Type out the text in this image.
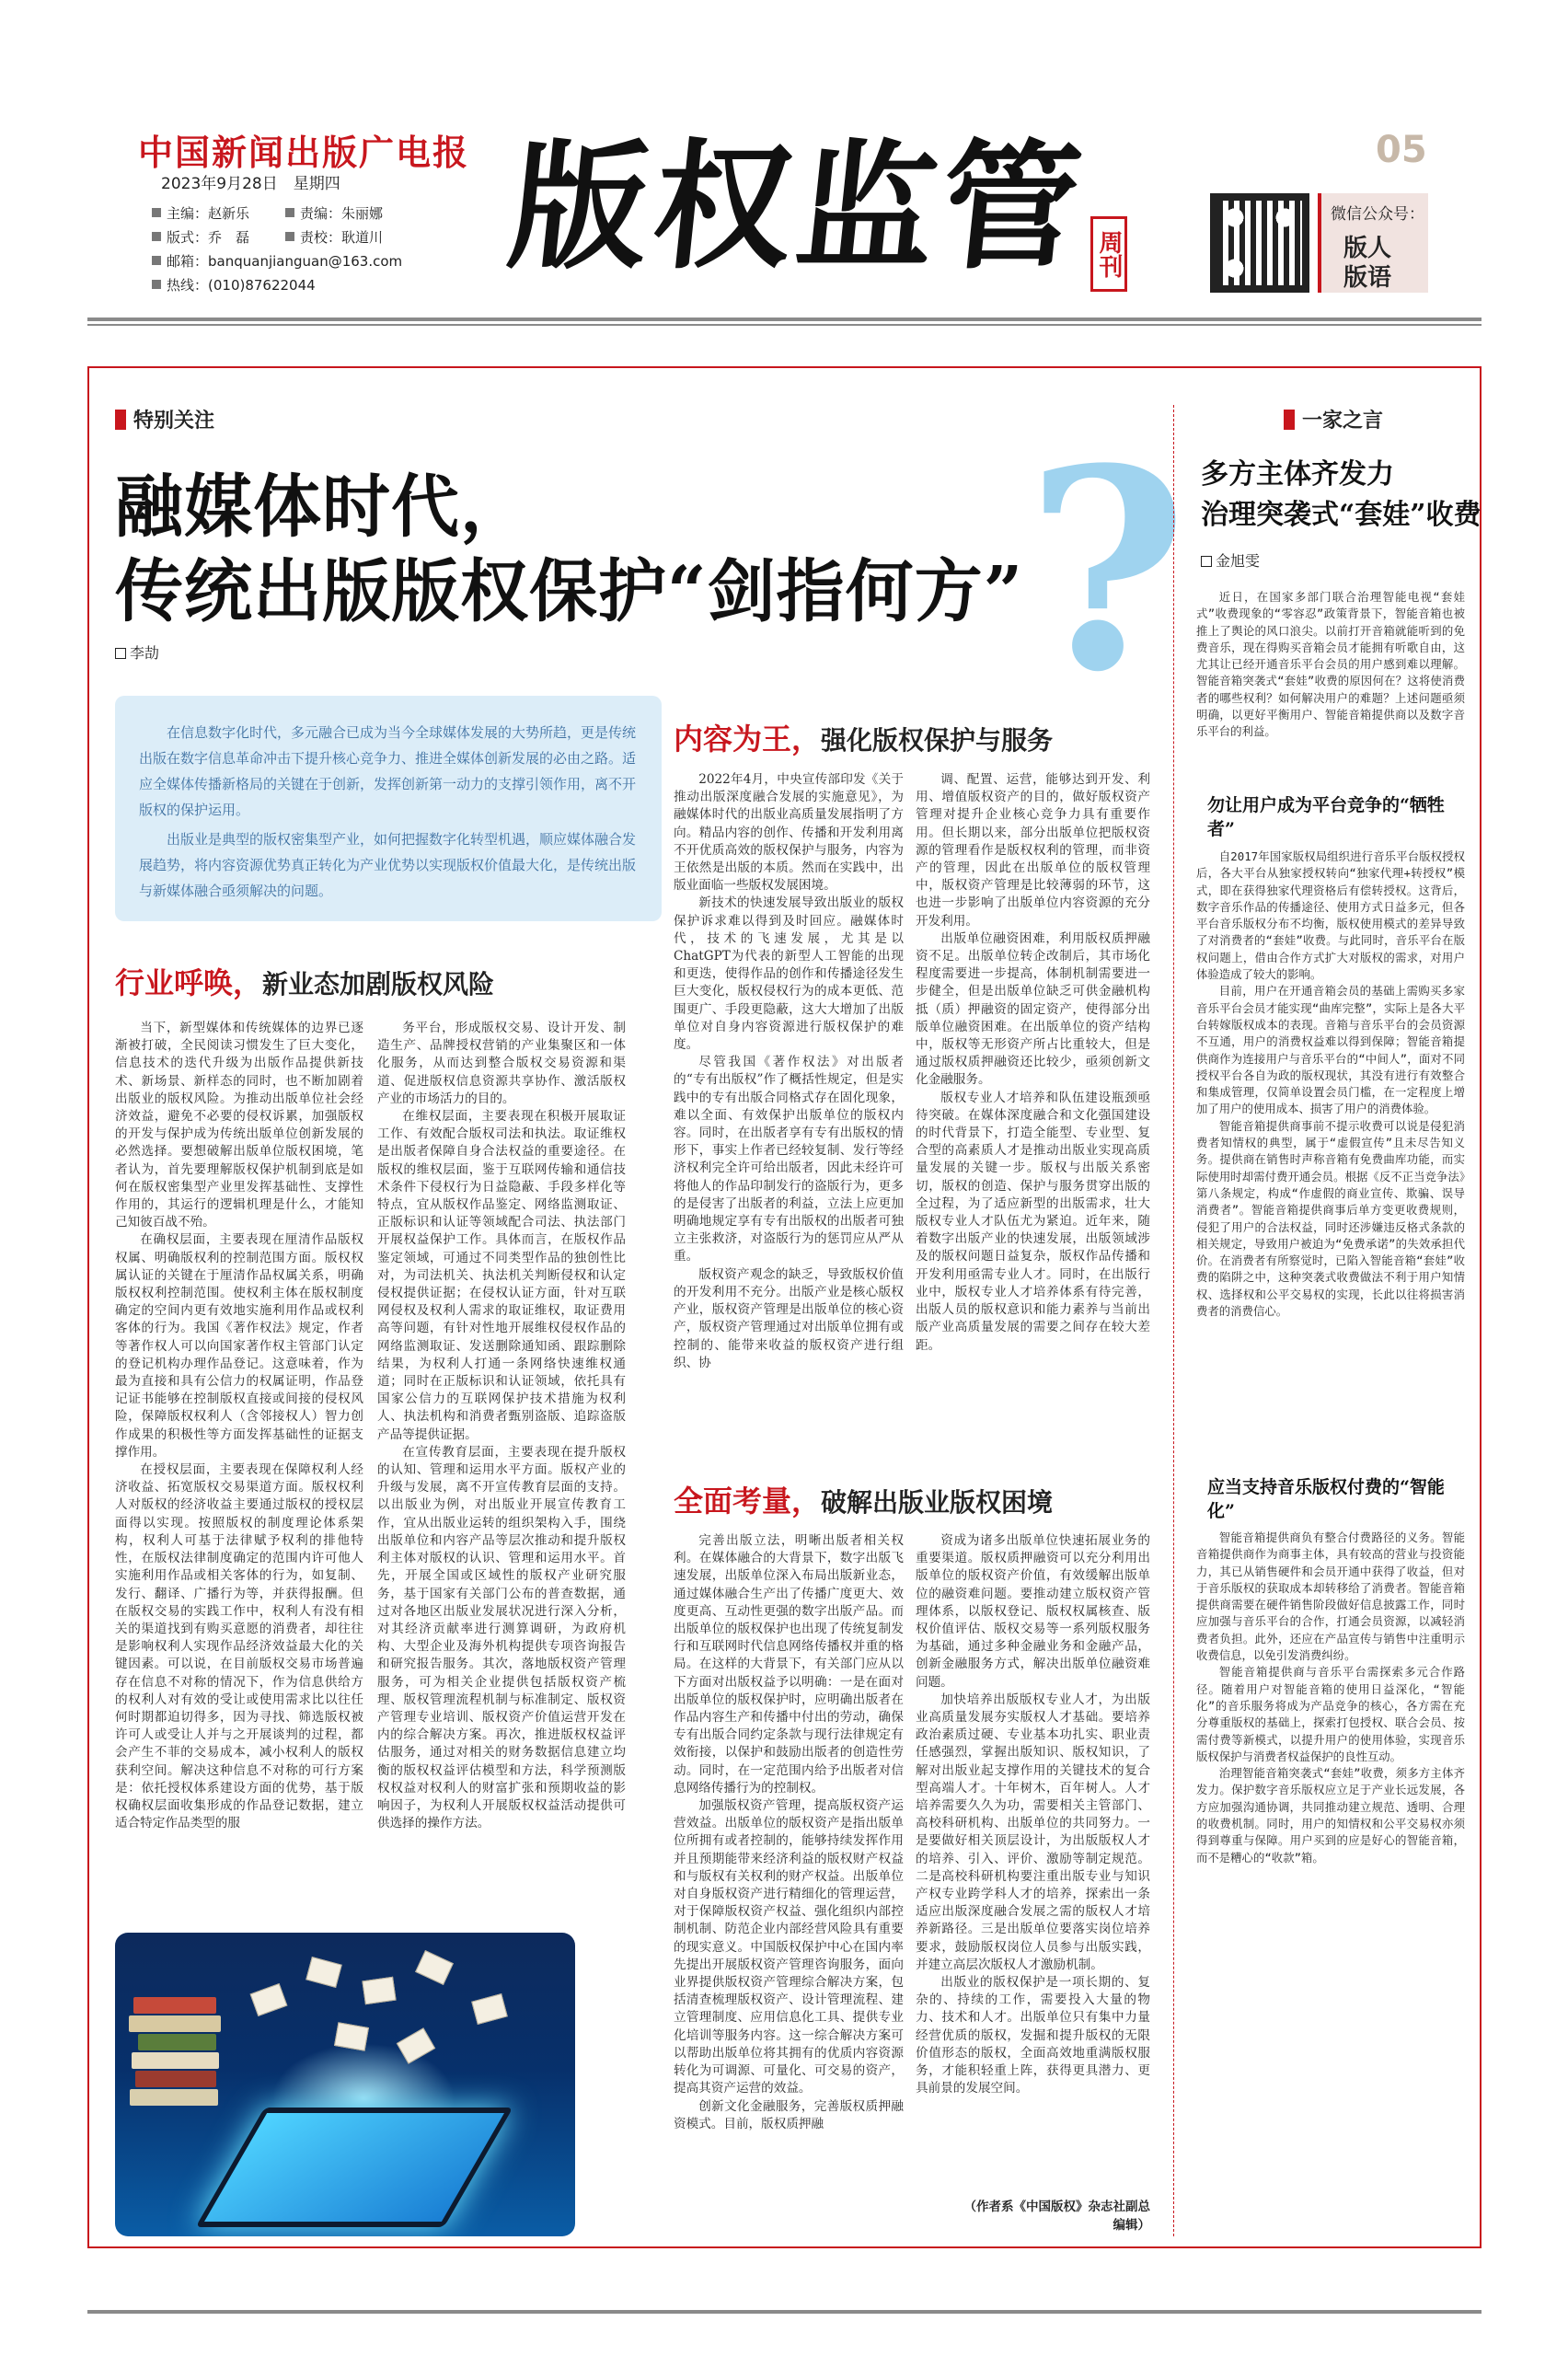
中国新闻出版广电报
2023年9月28日　星期四
主编：赵新乐	责编：朱丽娜
版式：乔　磊	责校：耿道川
邮箱：banquanjianguan@163.com
热线：(010)87622044 版权监管 周刊
05
微信公众号：
版人版语
特别关注	?
融媒体时代，
传统出版版权保护“剑指何方”
李劼

在信息数字化时代，多元融合已成为当今全球媒体发展的大势所趋，更是传统出版在数字信息革命冲击下提升核心竞争力、推进全媒体创新发展的必由之路。适应全媒体传播新格局的关键在于创新，发挥创新第一动力的支撑引领作用，离不开版权的保护运用。

出版业是典型的版权密集型产业，如何把握数字化转型机遇，顺应媒体融合发展趋势，将内容资源优势真正转化为产业优势以实现版权价值最大化，是传统出版与新媒体融合亟须解决的问题。

行业呼唤，新业态加剧版权风险
内容为王，强化版权保护与服务
全面考量，破解出版业版权困境

当下，新型媒体和传统媒体的边界已逐渐被打破，全民阅读习惯发生了巨大变化，信息技术的迭代升级为出版作品提供新技术、新场景、新样态的同时，也不断加剧着出版业的版权风险。为推动出版单位社会经济效益，避免不必要的侵权诉累，加强版权的开发与保护成为传统出版单位创新发展的必然选择。要想破解出版单位版权困境，笔者认为，首先要理解版权保护机制到底是如何在版权密集型产业里发挥基础性、支撑性作用的，其运行的逻辑机理是什么，才能知己知彼百战不殆。

在确权层面，主要表现在厘清作品版权权属、明确版权利的控制范围方面。版权权属认证的关键在于厘清作品权属关系，明确版权权利控制范围。使权利主体在版权制度确定的空间内更有效地实施利用作品或权利客体的行为。我国《著作权法》规定，作者等著作权人可以向国家著作权主管部门认定的登记机构办理作品登记。这意味着，作为最为直接和具有公信力的权属证明，作品登记证书能够在控制版权直接或间接的侵权风险，保障版权权利人（含邻接权人）智力创作成果的积极性等方面发挥基础性的证据支撑作用。

在授权层面，主要表现在保障权利人经济收益、拓宽版权交易渠道方面。版权权利人对版权的经济收益主要通过版权的授权层面得以实现。按照版权的制度理论体系架构，权利人可基于法律赋予权利的排他特性，在版权法律制度确定的范围内许可他人实施利用作品或相关客体的行为，如复制、发行、翻译、广播行为等，并获得报酬。但在版权交易的实践工作中，权利人有没有相关的渠道找到有购买意愿的消费者，却往往是影响权利人实现作品经济效益最大化的关键因素。可以说，在目前版权交易市场普遍存在信息不对称的情况下，作为信息供给方的权利人对有效的受让或使用需求比以往任何时期都迫切得多，因为寻找、筛选版权被许可人或受让人并与之开展谈判的过程，都会产生不菲的交易成本，减小权利人的版权获利空间。解决这种信息不对称的可行方案是：依托授权体系建设方面的优势，基于版权确权层面收集形成的作品登记数据，建立适合特定作品类型的服

务平台，形成版权交易、设计开发、制造生产、品牌授权营销的产业集聚区和一体化服务，从而达到整合版权交易资源和渠道、促进版权信息资源共享协作、激活版权产业的市场活力的目的。

在维权层面，主要表现在积极开展取证工作、有效配合版权司法和执法。取证维权是出版者保障自身合法权益的重要途径。在版权的维权层面，鉴于互联网传输和通信技术条件下侵权行为日益隐蔽、手段多样化等特点，宜从版权作品鉴定、网络监测取证、正版标识和认证等领域配合司法、执法部门开展权益保护工作。具体而言，在版权作品鉴定领域，可通过不同类型作品的独创性比对，为司法机关、执法机关判断侵权和认定侵权提供证据；在侵权认证方面，针对互联网侵权及权利人需求的取证维权，取证费用高等问题，有针对性地开展维权侵权作品的网络监测取证、发送删除通知函、跟踪删除结果，为权利人打通一条网络快速维权通道；同时在正版标识和认证领域，依托具有国家公信力的互联网保护技术措施为权利人、执法机构和消费者甄别盗版、追踪盗版产品等提供证据。

在宣传教育层面，主要表现在提升版权的认知、管理和运用水平方面。版权产业的升级与发展，离不开宣传教育层面的支持。以出版业为例，对出版业开展宣传教育工作，宜从出版业运转的组织架构入手，围绕出版单位和内容产品等层次推动和提升版权利主体对版权的认识、管理和运用水平。首先，开展全国或区域性的版权产业研究服务，基于国家有关部门公布的普查数据，通过对各地区出版业发展状况进行深入分析，对其经济贡献率进行测算调研，为政府机构、大型企业及海外机构提供专项咨询报告和研究报告服务。其次，落地版权资产管理服务，可为相关企业提供包括版权资产梳理、版权管理流程机制与标准制定、版权资产管理专业培训、版权资产价值运营开发在内的综合解决方案。再次，推进版权权益评估服务，通过对相关的财务数据信息建立均衡的版权权益评估模型和方法，科学预测版权权益对权利人的财富扩张和预期收益的影响因子，为权利人开展版权权益活动提供可供选择的操作方法。

2022年4月，中央宣传部印发《关于推动出版深度融合发展的实施意见》，为融媒体时代的出版业高质量发展指明了方向。精品内容的创作、传播和开发利用离不开优质高效的版权保护与服务，内容为王依然是出版的本质。然而在实践中，出版业面临一些版权发展困境。

新技术的快速发展导致出版业的版权保护诉求难以得到及时回应。融媒体时代，技术的飞速发展，尤其是以ChatGPT为代表的新型人工智能的出现和更迭，使得作品的创作和传播途径发生巨大变化，版权侵权行为的成本更低、范围更广、手段更隐蔽，这大大增加了出版单位对自身内容资源进行版权保护的难度。

尽管我国《著作权法》对出版者的“专有出版权”作了概括性规定，但是实践中的专有出版合同格式存在固化现象，难以全面、有效保护出版单位的版权内容。同时，在出版者享有专有出版权的情形下，事实上作者已经较复制、发行等经济权利完全许可给出版者，因此未经许可将他人的作品印制发行的盗版行为，更多的是侵害了出版者的利益，立法上应更加明确地规定享有专有出版权的出版者可独立主张救济，对盗版行为的惩罚应从严从重。

版权资产观念的缺乏，导致版权价值的开发利用不充分。出版产业是核心版权产业，版权资产管理是出版单位的核心资产，版权资产管理通过对出版单位拥有或控制的、能带来收益的版权资产进行组织、协

调、配置、运营，能够达到开发、利用、增值版权资产的目的，做好版权资产管理对提升企业核心竞争力具有重要作用。但长期以来，部分出版单位把版权资源的管理看作是版权权利的管理，而非资产的管理，因此在出版单位的版权管理中，版权资产管理是比较薄弱的环节，这也进一步影响了出版单位内容资源的充分开发利用。

出版单位融资困难，利用版权质押融资不足。出版单位转企改制后，其市场化程度需要进一步提高，体制机制需要进一步健全，但是出版单位缺乏可供金融机构抵（质）押融资的固定资产，使得部分出版单位融资困难。在出版单位的资产结构中，版权等无形资产所占比重较大，但是通过版权质押融资还比较少，亟须创新文化金融服务。

版权专业人才培养和队伍建设瓶颈亟待突破。在媒体深度融合和文化强国建设的时代背景下，打造全能型、专业型、复合型的高素质人才是推动出版业实现高质量发展的关键一步。版权与出版关系密切，版权的创造、保护与服务贯穿出版的全过程，为了适应新型的出版需求，壮大版权专业人才队伍尤为紧迫。近年来，随着数字出版产业的快速发展，出版领域涉及的版权问题日益复杂，版权作品传播和开发利用亟需专业人才。同时，在出版行业中，版权专业人才培养体系有待完善，出版人员的版权意识和能力素养与当前出版产业高质量发展的需要之间存在较大差距。

完善出版立法，明晰出版者相关权利。在媒体融合的大背景下，数字出版飞速发展，出版单位深入布局出版新业态，通过媒体融合生产出了传播广度更大、效度更高、互动性更强的数字出版产品。而出版单位的版权保护也出现了传统复制发行和互联网时代信息网络传播权并重的格局。在这样的大背景下，有关部门应从以下方面对出版权益予以明确：一是在面对出版单位的版权保护时，应明确出版者在作品内容生产和传播中付出的劳动，确保专有出版合同约定条款与现行法律规定有效衔接，以保护和鼓励出版者的创造性劳动。同时，在一定范围内给予出版者对信息网络传播行为的控制权。

加强版权资产管理，提高版权资产运营效益。出版单位的版权资产是指出版单位所拥有或者控制的，能够持续发挥作用并且预期能带来经济利益的版权财产权益和与版权有关权利的财产权益。出版单位对自身版权资产进行精细化的管理运营，对于保障版权资产权益、强化组织内部控制机制、防范企业内部经营风险具有重要的现实意义。中国版权保护中心在国内率先提出开展版权资产管理咨询服务，面向业界提供版权资产管理综合解决方案，包括清查梳理版权资产、设计管理流程、建立管理制度、应用信息化工具、提供专业化培训等服务内容。这一综合解决方案可以帮助出版单位将其拥有的优质内容资源转化为可调源、可量化、可交易的资产，提高其资产运营的效益。

创新文化金融服务，完善版权质押融资模式。目前，版权质押融

资成为诸多出版单位快速拓展业务的重要渠道。版权质押融资可以充分利用出版单位的版权资产价值，有效缓解出版单位的融资难问题。要推动建立版权资产管理体系，以版权登记、版权权属核查、版权价值评估、版权交易等一系列版权服务为基础，通过多种金融业务和金融产品，创新金融服务方式，解决出版单位融资难问题。

加快培养出版版权专业人才，为出版业高质量发展夯实版权人才基础。要培养政治素质过硬、专业基本功扎实、职业责任感强烈，掌握出版知识、版权知识，了解对出版业起支撑作用的关键技术的复合型高端人才。十年树木，百年树人。人才培养需要久久为功，需要相关主管部门、高校科研机构、出版单位的共同努力。一是要做好相关顶层设计，为出版版权人才的培养、引入、评价、激励等制定规范。二是高校科研机构要注重出版专业与知识产权专业跨学科人才的培养，探索出一条适应出版深度融合发展之需的版权人才培养新路径。三是出版单位要落实岗位培养要求，鼓励版权岗位人员参与出版实践，并建立高层次版权人才激励机制。

出版业的版权保护是一项长期的、复杂的、持续的工作，需要投入大量的物力、技术和人才。出版单位只有集中力量经营优质的版权，发掘和提升版权的无限价值形态的版权，全面高效地重满版权服务，才能积轻重上阵，获得更具潜力、更具前景的发展空间。

（作者系《中国版权》杂志社副总编辑）
一家之言
多方主体齐发力
治理突袭式“套娃”收费
金旭雯

近日，在国家多部门联合治理智能电视“套娃式”收费现象的“零容忍”政策背景下，智能音箱也被推上了舆论的风口浪尖。以前打开音箱就能听到的免费音乐，现在得购买音箱会员才能拥有听歌自由，这尤其让已经开通音乐平台会员的用户感到难以理解。智能音箱突袭式“套娃”收费的原因何在？这将使消费者的哪些权利？如何解决用户的难题？上述问题亟须明确，以更好平衡用户、智能音箱提供商以及数字音乐平台的利益。

勿让用户成为平台竞争的“牺牲者”

自2017年国家版权局组织进行音乐平台版权授权后，各大平台从独家授权转向“独家代理+转授权”模式，即在获得独家代理资格后有偿转授权。这背后，数字音乐作品的传播途径、使用方式日益多元，但各平台音乐版权分布不均衡，版权使用模式的差异导致了对消费者的“套娃”收费。与此同时，音乐平台在版权问题上，借由合作方式扩大对版权的需求，对用户体验造成了较大的影响。

目前，用户在开通音箱会员的基础上需购买多家音乐平台会员才能实现“曲库完整”，实际上是各大平台转嫁版权成本的表现。音箱与音乐平台的会员资源不互通，用户的消费权益难以得到保障；智能音箱提供商作为连接用户与音乐平台的“中间人”，面对不同授权平台各自为政的版权现状，其没有进行有效整合和集成管理，仅简单设置会员门槛，在一定程度上增加了用户的使用成本、损害了用户的消费体验。

智能音箱提供商事前不提示收费可以说是侵犯消费者知情权的典型，属于“虚假宣传”且未尽告知义务。提供商在销售时声称音箱有免费曲库功能，而实际使用时却需付费开通会员。根据《反不正当竞争法》第八条规定，构成“作虚假的商业宣传、欺骗、误导消费者”。智能音箱提供商事后单方变更收费规则，侵犯了用户的合法权益，同时还涉嫌违反格式条款的相关规定，导致用户被迫为“免费承诺”的失效承担代价。在消费者有所察觉时，已陷入智能音箱“套娃”收费的陷阱之中，这种突袭式收费做法不利于用户知情权、选择权和公平交易权的实现，长此以往将损害消费者的消费信心。

应当支持音乐版权付费的“智能化”

智能音箱提供商负有整合付费路径的义务。智能音箱提供商作为商事主体，具有较高的营业与投资能力，其已从销售硬件和会员开通中获得了收益，但对于音乐版权的获取成本却转移给了消费者。智能音箱提供商需要在硬件销售阶段做好信息披露工作，同时应加强与音乐平台的合作，打通会员资源，以减轻消费者负担。此外，还应在产品宣传与销售中注重明示收费信息，以免引发消费纠纷。

智能音箱提供商与音乐平台需探索多元合作路径。随着用户对智能音箱的使用日益深化，“智能化”的音乐服务将成为产品竞争的核心，各方需在充分尊重版权的基础上，探索打包授权、联合会员、按需付费等新模式，以提升用户的使用体验，实现音乐版权保护与消费者权益保护的良性互动。

治理智能音箱突袭式“套娃”收费，须多方主体齐发力。保护数字音乐版权应立足于产业长远发展，各方应加强沟通协调，共同推动建立规范、透明、合理的收费机制。同时，用户的知情权和公平交易权亦须得到尊重与保障。用户买到的应是好心的智能音箱，而不是糟心的“收款”箱。
